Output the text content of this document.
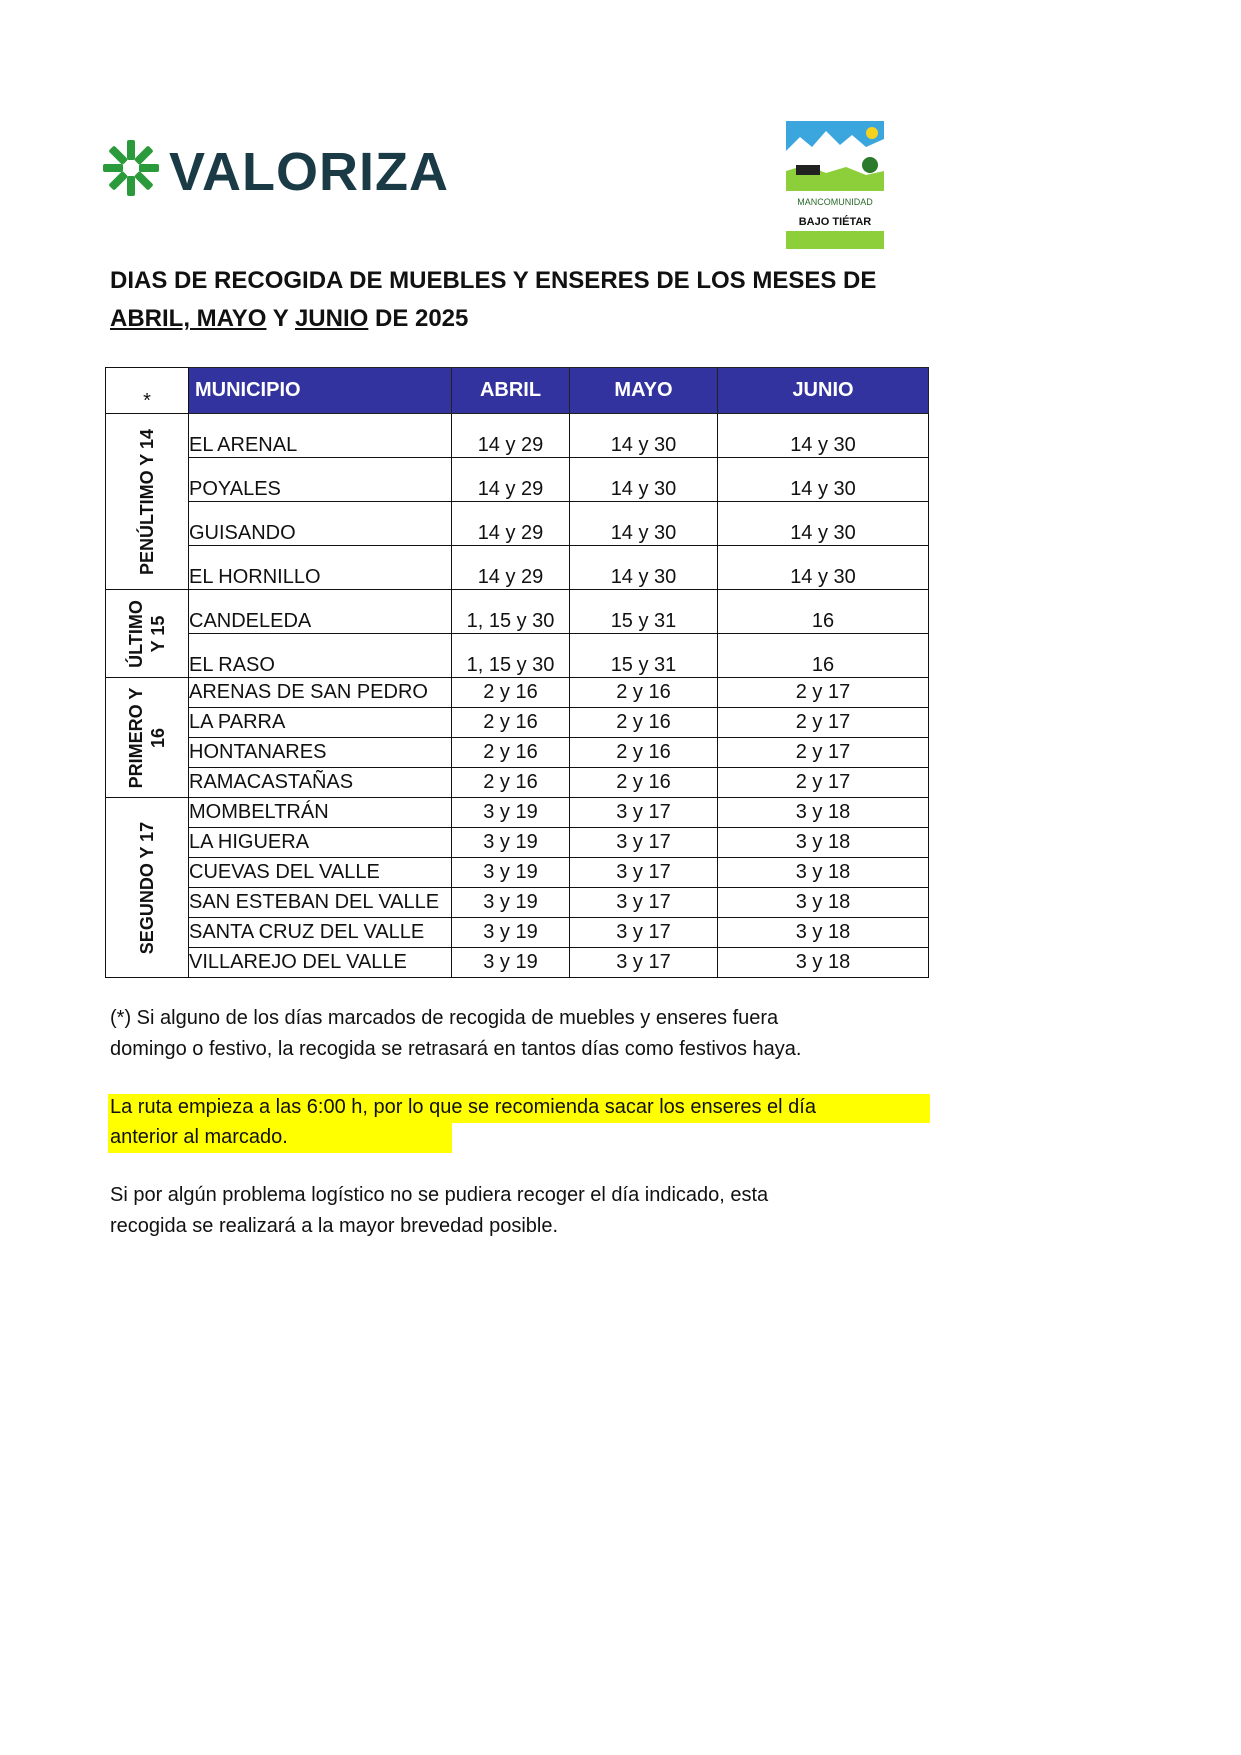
VALORIZA	MANCOMUNIDAD
BAJO TIÉTAR
DIAS DE RECOGIDA DE MUEBLES Y ENSERES DE LOS MESES DE
ABRIL, MAYO Y JUNIO DE 2025
*	MUNICIPIO	ABRIL	MAYO	JUNIO

PENÚLTIMO Y 14	EL ARENAL	14 y 29	14 y 30	14 y 30
	POYALES	14 y 29	14 y 30	14 y 30
	GUISANDO	14 y 29	14 y 30	14 y 30
	EL HORNILLO	14 y 29	14 y 30	14 y 30

ÚLTIMO Y 15	CANDELEDA	1, 15 y 30	15 y 31	16
	EL RASO	1, 15 y 30	15 y 31	16

PRIMERO Y 16	ARENAS DE SAN PEDRO	2 y 16	2 y 16	2 y 17
	LA PARRA	2 y 16	2 y 16	2 y 17
	HONTANARES	2 y 16	2 y 16	2 y 17
	RAMACASTAÑAS	2 y 16	2 y 16	2 y 17

SEGUNDO Y 17	MOMBELTRÁN	3 y 19	3 y 17	3 y 18
	LA HIGUERA	3 y 19	3 y 17	3 y 18
	CUEVAS DEL VALLE	3 y 19	3 y 17	3 y 18
	SAN ESTEBAN DEL VALLE	3 y 19	3 y 17	3 y 18
	SANTA CRUZ DEL VALLE	3 y 19	3 y 17	3 y 18
	VILLAREJO DEL VALLE	3 y 19	3 y 17	3 y 18
(*) Si alguno de los días marcados de recogida de muebles y enseres fuera
domingo o festivo, la recogida se retrasará en tantos días como festivos haya.
La ruta empieza a las 6:00 h, por lo que se recomienda sacar los enseres el día
anterior al marcado.
Si por algún problema logístico no se pudiera recoger el día indicado, esta
recogida se realizará a la mayor brevedad posible.
